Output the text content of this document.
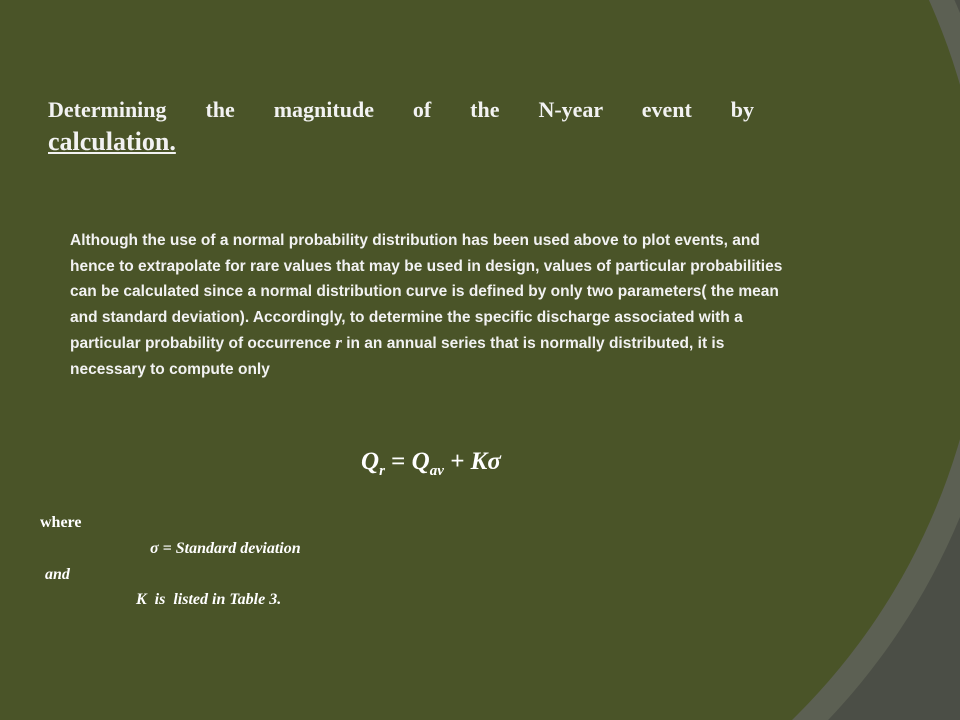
Determining the magnitude of the N-year event by
calculation.
Although the use of a normal probability distribution has been used above to plot events, and hence to extrapolate for rare values that may be used in design, values of particular probabilities can be calculated since a normal distribution curve is defined by only two parameters( the mean and standard deviation). Accordingly, to determine the specific discharge associated with a particular probability of occurrence r in an annual series that is normally distributed, it is necessary to compute only
$Q_r = Q_{av} + K\sigma$
where
σ = Standard deviation
and
K  is  listed in Table 3.
